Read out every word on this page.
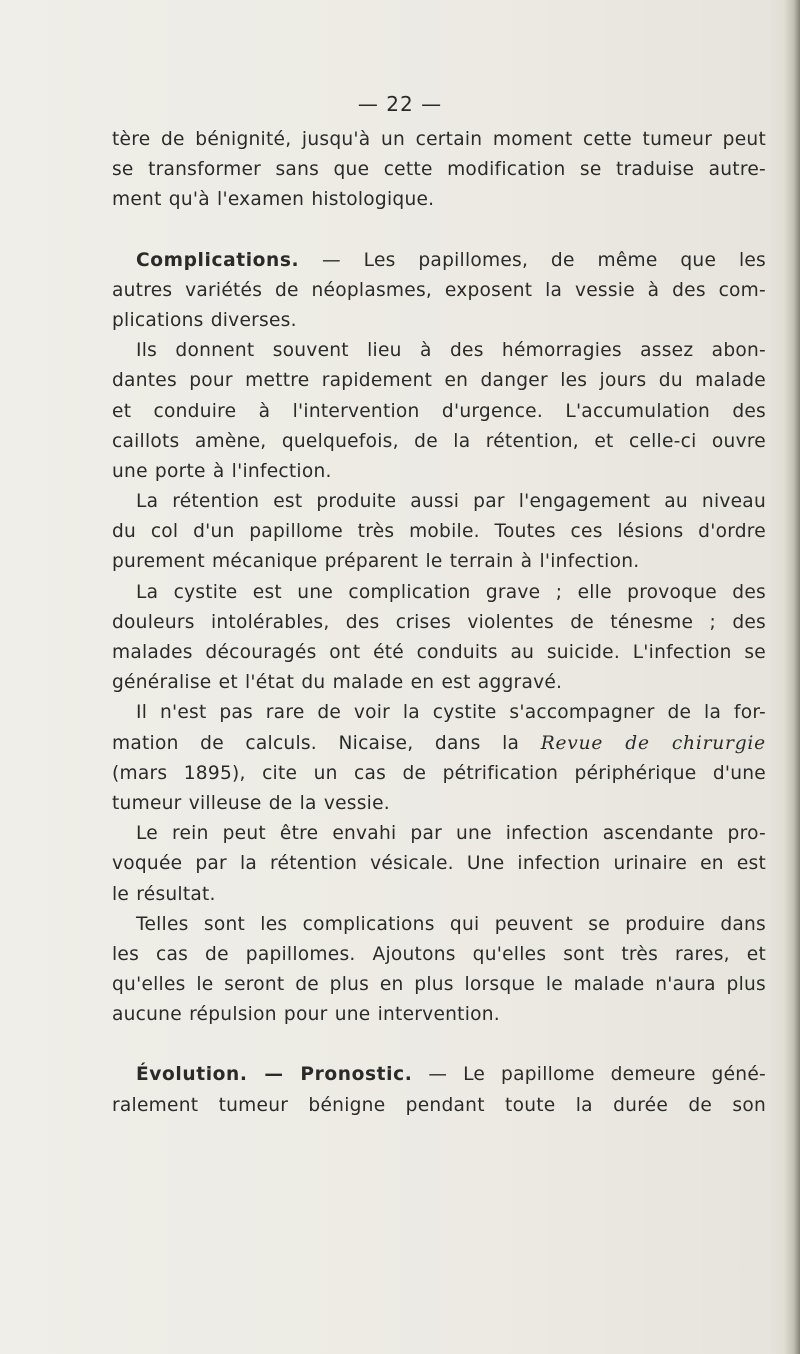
— 22 —
tère de bénignité, jusqu'à un certain moment cette tumeur peut
se transformer sans que cette modification se traduise autre-
ment qu'à l'examen histologique.
Complications. — Les papillomes, de même que les
autres variétés de néoplasmes, exposent la vessie à des com-
plications diverses.
Ils donnent souvent lieu à des hémorragies assez abon-
dantes pour mettre rapidement en danger les jours du malade
et conduire à l'intervention d'urgence. L'accumulation des
caillots amène, quelquefois, de la rétention, et celle-ci ouvre
une porte à l'infection.
La rétention est produite aussi par l'engagement au niveau
du col d'un papillome très mobile. Toutes ces lésions d'ordre
purement mécanique préparent le terrain à l'infection.
La cystite est une complication grave ; elle provoque des
douleurs intolérables, des crises violentes de ténesme ; des
malades découragés ont été conduits au suicide. L'infection se
généralise et l'état du malade en est aggravé.
Il n'est pas rare de voir la cystite s'accompagner de la for-
mation de calculs. Nicaise, dans la Revue de chirurgie
(mars 1895), cite un cas de pétrification périphérique d'une
tumeur villeuse de la vessie.
Le rein peut être envahi par une infection ascendante pro-
voquée par la rétention vésicale. Une infection urinaire en est
le résultat.
Telles sont les complications qui peuvent se produire dans
les cas de papillomes. Ajoutons qu'elles sont très rares, et
qu'elles le seront de plus en plus lorsque le malade n'aura plus
aucune répulsion pour une intervention.
Évolution. — Pronostic. — Le papillome demeure géné-
ralement tumeur bénigne pendant toute la durée de son
